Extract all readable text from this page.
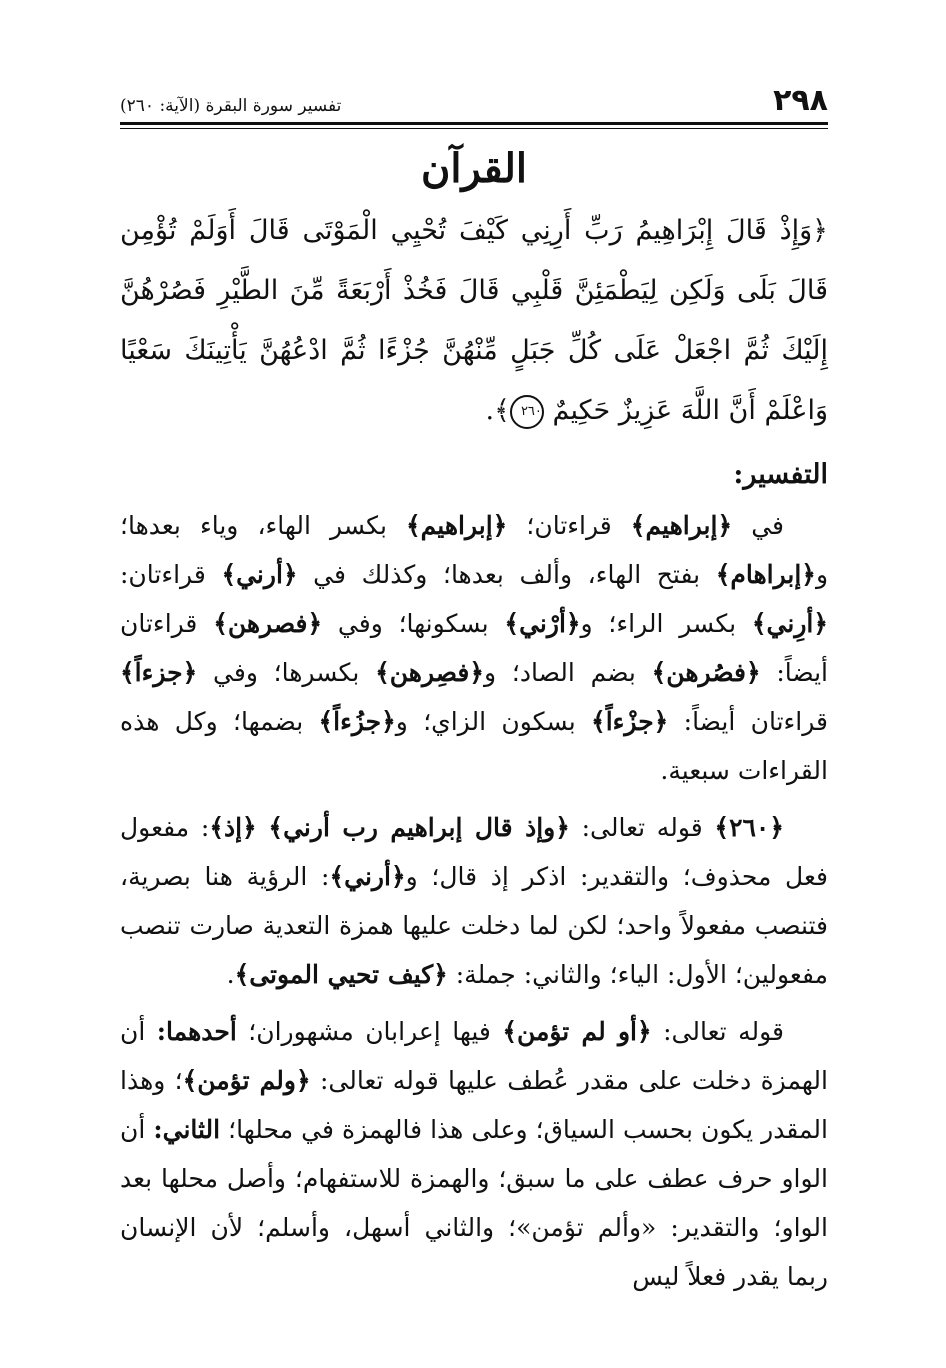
٢٩٨
تفسير سورة البقرة (الآية: ٢٦٠)
القرآن

﴿وَإِذْ قَالَ إِبْرَاهِيمُ رَبِّ أَرِنِي كَيْفَ تُحْيِي الْمَوْتَى قَالَ أَوَلَمْ تُؤْمِن قَالَ بَلَى وَلَكِن لِيَطْمَئِنَّ قَلْبِي قَالَ فَخُذْ أَرْبَعَةً مِّنَ الطَّيْرِ فَصُرْهُنَّ إِلَيْكَ ثُمَّ اجْعَلْ عَلَى كُلِّ جَبَلٍ مِّنْهُنَّ جُزْءًا ثُمَّ ادْعُهُنَّ يَأْتِينَكَ سَعْيًا وَاعْلَمْ أَنَّ اللَّهَ عَزِيزٌ حَكِيمٌ ٢٦٠﴾.

التفسير:

في ﴿إبراهيم﴾ قراءتان؛ ﴿إبراهيم﴾ بكسر الهاء، وياء بعدها؛ و﴿إبراهام﴾ بفتح الهاء، وألف بعدها؛ وكذلك في ﴿أرني﴾ قراءتان: ﴿أرِني﴾ بكسر الراء؛ و﴿أرْني﴾ بسكونها؛ وفي ﴿فصرهن﴾ قراءتان أيضاً: ﴿فصُرهن﴾ بضم الصاد؛ و﴿فصِرهن﴾ بكسرها؛ وفي ﴿جزءاً﴾ قراءتان أيضاً: ﴿جزْءاً﴾ بسكون الزاي؛ و﴿جزُءاً﴾ بضمها؛ وكل هذه القراءات سبعية.

﴿٢٦٠﴾ قوله تعالى: ﴿وإذ قال إبراهيم رب أرني﴾ ﴿إذ﴾: مفعول فعل محذوف؛ والتقدير: اذكر إذ قال؛ و﴿أرني﴾: الرؤية هنا بصرية، فتنصب مفعولاً واحد؛ لكن لما دخلت عليها همزة التعدية صارت تنصب مفعولين؛ الأول: الياء؛ والثاني: جملة: ﴿كيف تحيي الموتى﴾.

قوله تعالى: ﴿أو لم تؤمن﴾ فيها إعرابان مشهوران؛ أحدهما: أن الهمزة دخلت على مقدر عُطف عليها قوله تعالى: ﴿ولم تؤمن﴾؛ وهذا المقدر يكون بحسب السياق؛ وعلى هذا فالهمزة في محلها؛ الثاني: أن الواو حرف عطف على ما سبق؛ والهمزة للاستفهام؛ وأصل محلها بعد الواو؛ والتقدير: «وألم تؤمن»؛ والثاني أسهل، وأسلم؛ لأن الإنسان ربما يقدر فعلاً ليس
